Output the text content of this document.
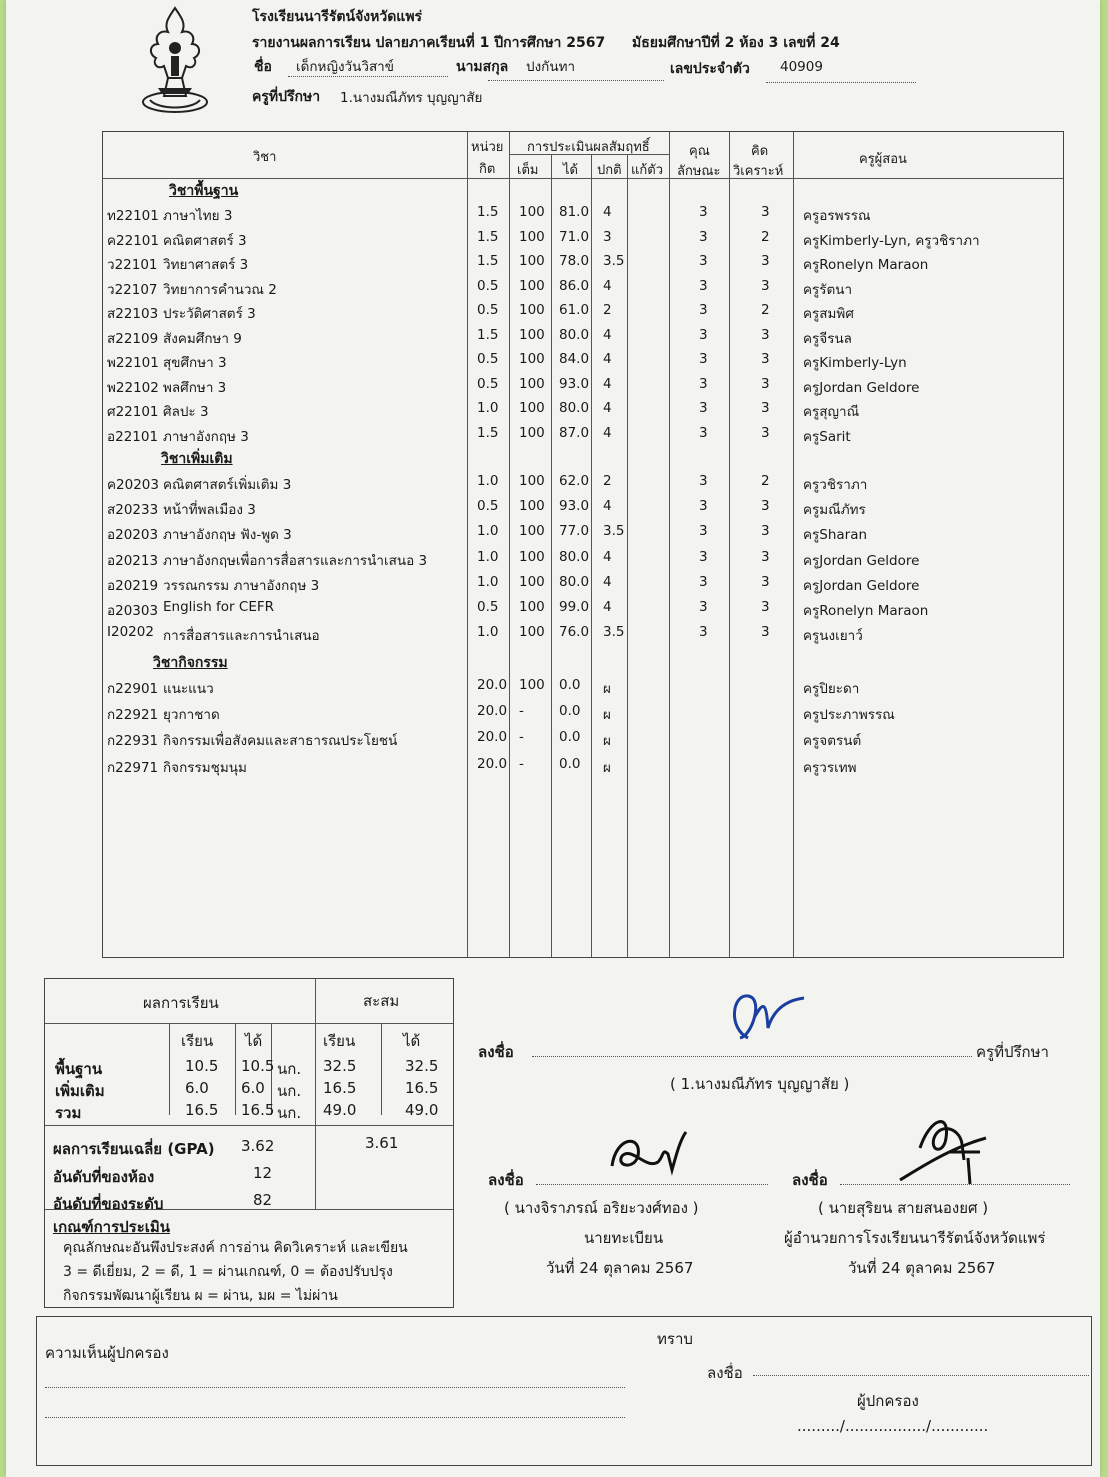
โรงเรียนนารีรัตน์จังหวัดแพร่
รายงานผลการเรียน ปลายภาคเรียนที่ 1 ปีการศึกษา 2567 มัธยมศึกษาปีที่ 2 ห้อง 3 เลขที่ 24
ชื่อ เด็กหญิงวันวิสาข์	นามสกุล ปงกันทา	เลขประจำตัว 40909
ครูที่ปรึกษา 1.นางมณีภัทร บุญญาสัย
วิชา
หน่วย
กิต
การประเมินผลสัมฤทธิ์
เต็ม ได้ ปกติ แก้ตัว
คุณ
ลักษณะ
คิด
วิเคราะห์
ครูผู้สอน
วิชาพื้นฐาน
วิชาเพิ่มเติม
วิชากิจกรรม
ท22101 ภาษาไทย 3	1.5 100 81.0 4	3	3 ครูอรพรรณ
ค22101 คณิตศาสตร์ 3	1.5 100 71.0 3	3	2 ครูKimberly-Lyn, ครูวชิราภา
ว22101 วิทยาศาสตร์ 3	1.5 100 78.0 3.5	3	3 ครูRonelyn Maraon
ว22107 วิทยาการคำนวณ 2	0.5 100 86.0 4	3	3 ครูรัตนา
ส22103 ประวัติศาสตร์ 3	0.5 100 61.0 2	3	2 ครูสมพิศ
ส22109 สังคมศึกษา 9	1.5 100 80.0 4	3	3 ครูจีรนล
พ22101 สุขศึกษา 3	0.5 100 84.0 4	3	3 ครูKimberly-Lyn
พ22102 พลศึกษา 3	0.5 100 93.0 4	3	3 ครูJordan Geldore
ศ22101 ศิลปะ 3	1.0 100 80.0 4	3	3 ครูสุญาณี
อ22101 ภาษาอังกฤษ 3	1.5 100 87.0 4	3	3 ครูSarit
ค20203 คณิตศาสตร์เพิ่มเติม 3	1.0 100 62.0 2	3	2 ครูวชิราภา
ส20233 หน้าที่พลเมือง 3	0.5 100 93.0 4	3	3 ครูมณีภัทร
อ20203 ภาษาอังกฤษ ฟัง-พูด 3	1.0 100 77.0 3.5	3	3 ครูSharan
อ20213 ภาษาอังกฤษเพื่อการสื่อสารและการนำเสนอ 3	1.0 100 80.0 4	3	3 ครูJordan Geldore
อ20219 วรรณกรรม ภาษาอังกฤษ 3	1.0 100 80.0 4	3	3 ครูJordan Geldore
อ20303 English for CEFR	0.5 100 99.0 4	3	3 ครูRonelyn Maraon
I20202 การสื่อสารและการนำเสนอ	1.0 100 76.0 3.5	3	3 ครูนงเยาว์
ก22901 แนะแนว	20.0 100 0.0 ผ	ครูปิยะดา
ก22921 ยุวกาชาด	20.0 -	0.0 ผ	ครูประภาพรรณ
ก22931 กิจกรรมเพื่อสังคมและสาธารณประโยชน์	20.0 -	0.0 ผ	ครูจตรนต์
ก22971 กิจกรรมชุมนุม	20.0 -	0.0 ผ	ครูวรเทพ
ผลการเรียน	สะสม
เรียน ได้	เรียน	ได้
พื้นฐาน	10.5 10.5 นก. 32.5	32.5
เพิ่มเติม	6.0 6.0 นก. 16.5	16.5
รวม	16.5 16.5 นก. 49.0	49.0
ผลการเรียนเฉลี่ย (GPA) 3.62	3.61
อันดับที่ของห้อง	12
อันดับที่ของระดับ	82
เกณฑ์การประเมิน
คุณลักษณะอันพึงประสงค์ การอ่าน คิดวิเคราะห์ และเขียน
3 = ดีเยี่ยม, 2 = ดี, 1 = ผ่านเกณฑ์, 0 = ต้องปรับปรุง
กิจกรรมพัฒนาผู้เรียน ผ = ผ่าน, มผ = ไม่ผ่าน
ลงชื่อ	ครูที่ปรึกษา
( 1.นางมณีภัทร บุญญาสัย )
ลงชื่อ
( นางจิราภรณ์ อริยะวงศ์ทอง )
นายทะเบียน
วันที่ 24 ตุลาคม 2567
ลงชื่อ
( นายสุริยน สายสนองยศ )
ผู้อำนวยการโรงเรียนนารีรัตน์จังหวัดแพร่
วันที่ 24 ตุลาคม 2567
ความเห็นผู้ปกครอง
ทราบ
ลงชื่อ
ผู้ปกครอง
........./................./............
